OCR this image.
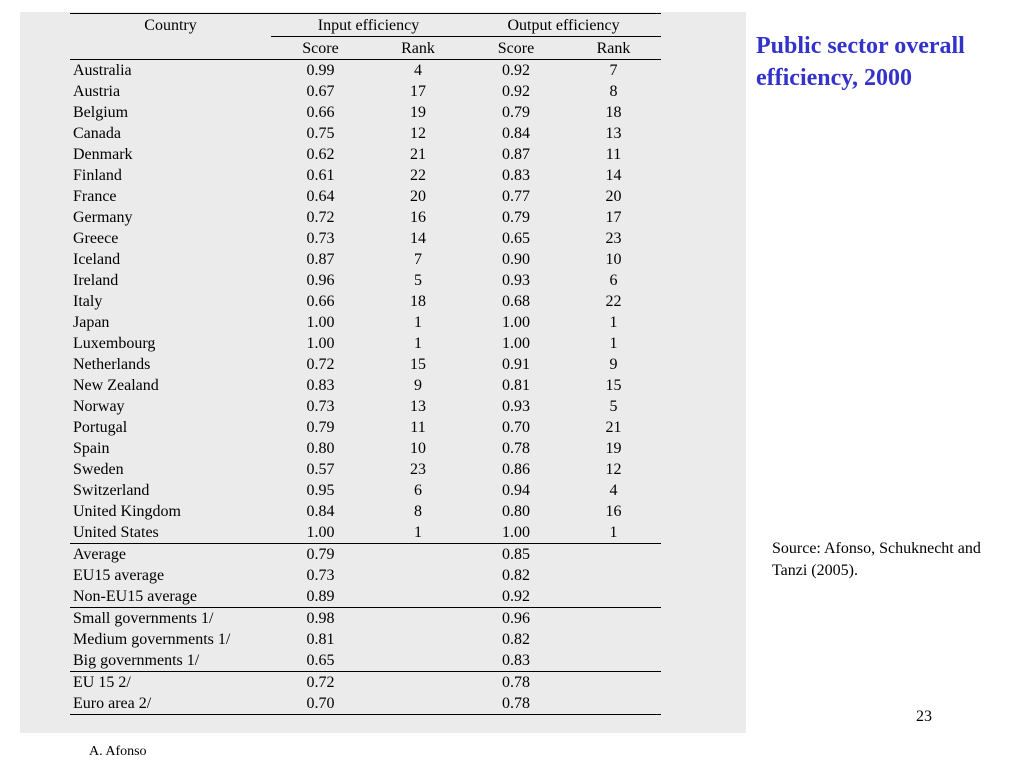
Country	Input efficiency		Output efficiency	
	Score	Rank	Score	Rank
Australia	0.99	4	0.92	7
Austria	0.67	17	0.92	8
Belgium	0.66	19	0.79	18
Canada	0.75	12	0.84	13
Denmark	0.62	21	0.87	11
Finland	0.61	22	0.83	14
France	0.64	20	0.77	20
Germany	0.72	16	0.79	17
Greece	0.73	14	0.65	23
Iceland	0.87	7	0.90	10
Ireland	0.96	5	0.93	6
Italy	0.66	18	0.68	22
Japan	1.00	1	1.00	1
Luxembourg	1.00	1	1.00	1
Netherlands	0.72	15	0.91	9
New Zealand	0.83	9	0.81	15
Norway	0.73	13	0.93	5
Portugal	0.79	11	0.70	21
Spain	0.80	10	0.78	19
Sweden	0.57	23	0.86	12
Switzerland	0.95	6	0.94	4
United Kingdom	0.84	8	0.80	16
United States	1.00	1	1.00	1
Average	0.79		0.85	
EU15 average	0.73		0.82	
Non-EU15 average	0.89		0.92	
Small governments 1/	0.98		0.96	
Medium governments 1/	0.81		0.82	
Big governments 1/	0.65		0.83	
EU 15 2/	0.72		0.78	
Euro area 2/	0.70		0.78	
Public sector overall efficiency, 2000
Source: Afonso, Schuknecht and Tanzi (2005).
23
A. Afonso
